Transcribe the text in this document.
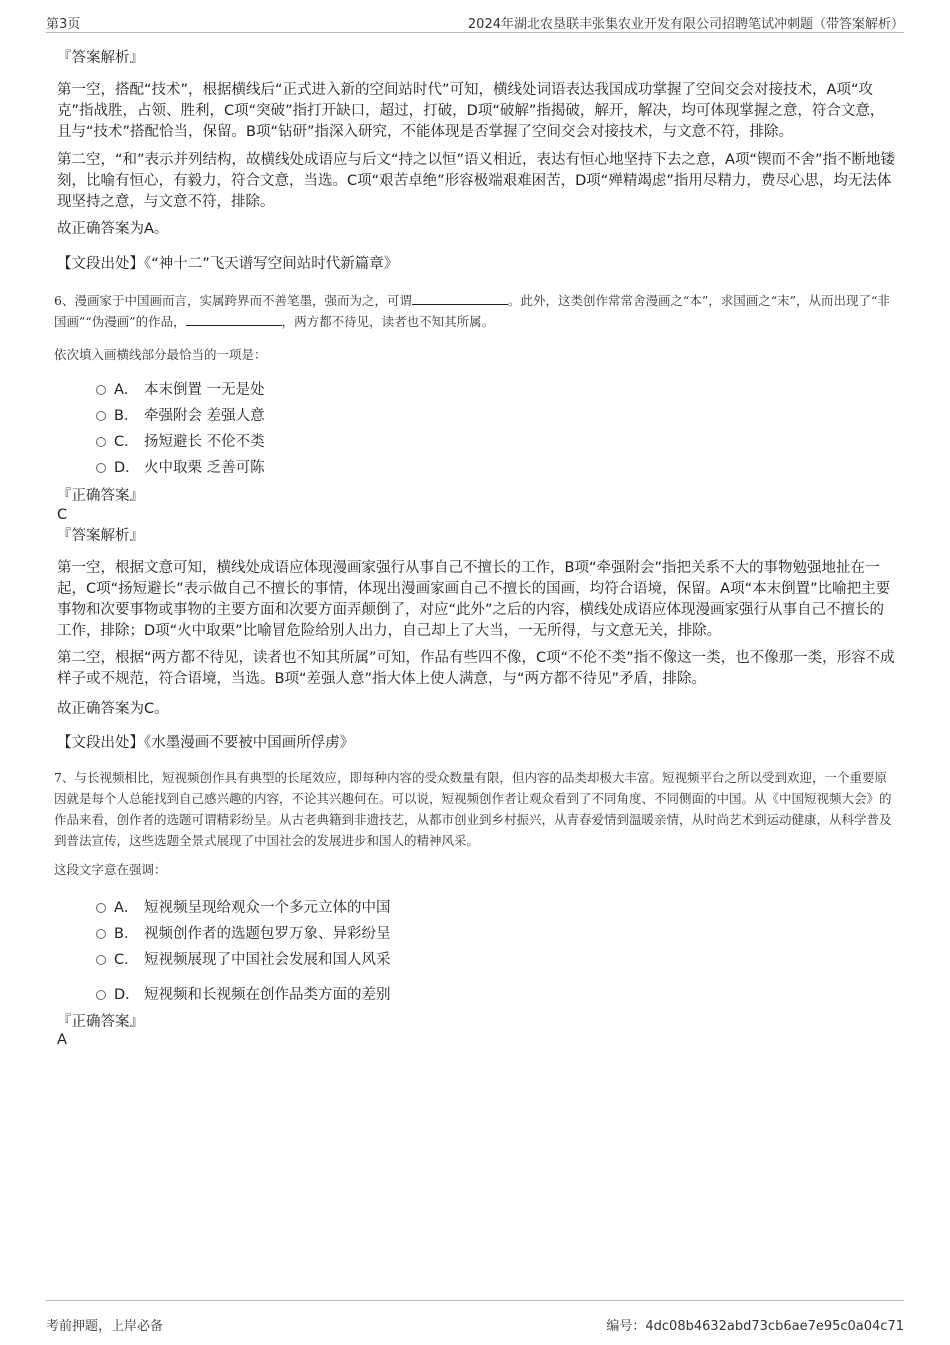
第3页	2024年湖北农垦联丰张集农业开发有限公司招聘笔试冲刺题（带答案解析）
『答案解析』
第一空，搭配“技术”，根据横线后“正式进入新的空间站时代”可知，横线处词语表达我国成功掌握了空间交会对接技术，A项“攻克”指战胜，占领、胜利，C项“突破”指打开缺口，超过，打破，D项“破解”指揭破，解开，解决，均可体现掌握之意，符合文意，且与“技术”搭配恰当，保留。B项“钻研”指深入研究，不能体现是否掌握了空间交会对接技术，与文意不符，排除。
第二空，“和”表示并列结构，故横线处成语应与后文“持之以恒”语义相近，表达有恒心地坚持下去之意，A项“锲而不舍”指不断地镂刻，比喻有恒心，有毅力，符合文意，当选。C项“艰苦卓绝”形容极端艰难困苦，D项“殚精竭虑”指用尽精力，费尽心思，均无法体现坚持之意，与文意不符，排除。
故正确答案为A。
【文段出处】《“神十二”飞天谱写空间站时代新篇章》
6、漫画家于中国画而言，实属跨界而不善笔墨，强而为之，可谓	。此外，这类创作常常舍漫画之“本”，求国画之“末”，从而出现了“非国画”“伪漫画”的作品，	，两方都不待见，读者也不知其所属。
依次填入画横线部分最恰当的一项是：
A． 本末倒置 一无是处
B． 牵强附会 差强人意
C． 扬短避长 不伦不类
D． 火中取栗 乏善可陈
『正确答案』
C
『答案解析』
第一空，根据文意可知，横线处成语应体现漫画家强行从事自己不擅长的工作，B项“牵强附会”指把关系不大的事物勉强地扯在一起，C项“扬短避长”表示做自己不擅长的事情，体现出漫画家画自己不擅长的国画，均符合语境，保留。A项“本末倒置”比喻把主要事物和次要事物或事物的主要方面和次要方面弄颠倒了，对应“此外”之后的内容，横线处成语应体现漫画家强行从事自己不擅长的工作，排除；D项“火中取栗”比喻冒危险给别人出力，自己却上了大当，一无所得，与文意无关，排除。
第二空，根据“两方都不待见，读者也不知其所属”可知，作品有些四不像，C项“不伦不类”指不像这一类，也不像那一类，形容不成样子或不规范，符合语境，当选。B项“差强人意”指大体上使人满意，与“两方都不待见”矛盾，排除。
故正确答案为C。
【文段出处】《水墨漫画不要被中国画所俘虏》
7、与长视频相比，短视频创作具有典型的长尾效应，即每种内容的受众数量有限，但内容的品类却极大丰富。短视频平台之所以受到欢迎，一个重要原因就是每个人总能找到自己感兴趣的内容，不论其兴趣何在。可以说，短视频创作者让观众看到了不同角度、不同侧面的中国。从《中国短视频大会》的作品来看，创作者的选题可谓精彩纷呈。从古老典籍到非遗技艺，从都市创业到乡村振兴，从青春爱情到温暖亲情，从时尚艺术到运动健康，从科学普及到普法宣传，这些选题全景式展现了中国社会的发展进步和国人的精神风采。
这段文字意在强调：
A． 短视频呈现给观众一个多元立体的中国
B． 视频创作者的选题包罗万象、异彩纷呈
C． 短视频展现了中国社会发展和国人风采
D． 短视频和长视频在创作品类方面的差别
『正确答案』
A
考前押题，上岸必备	编号：4dc08b4632abd73cb6ae7e95c0a04c71
